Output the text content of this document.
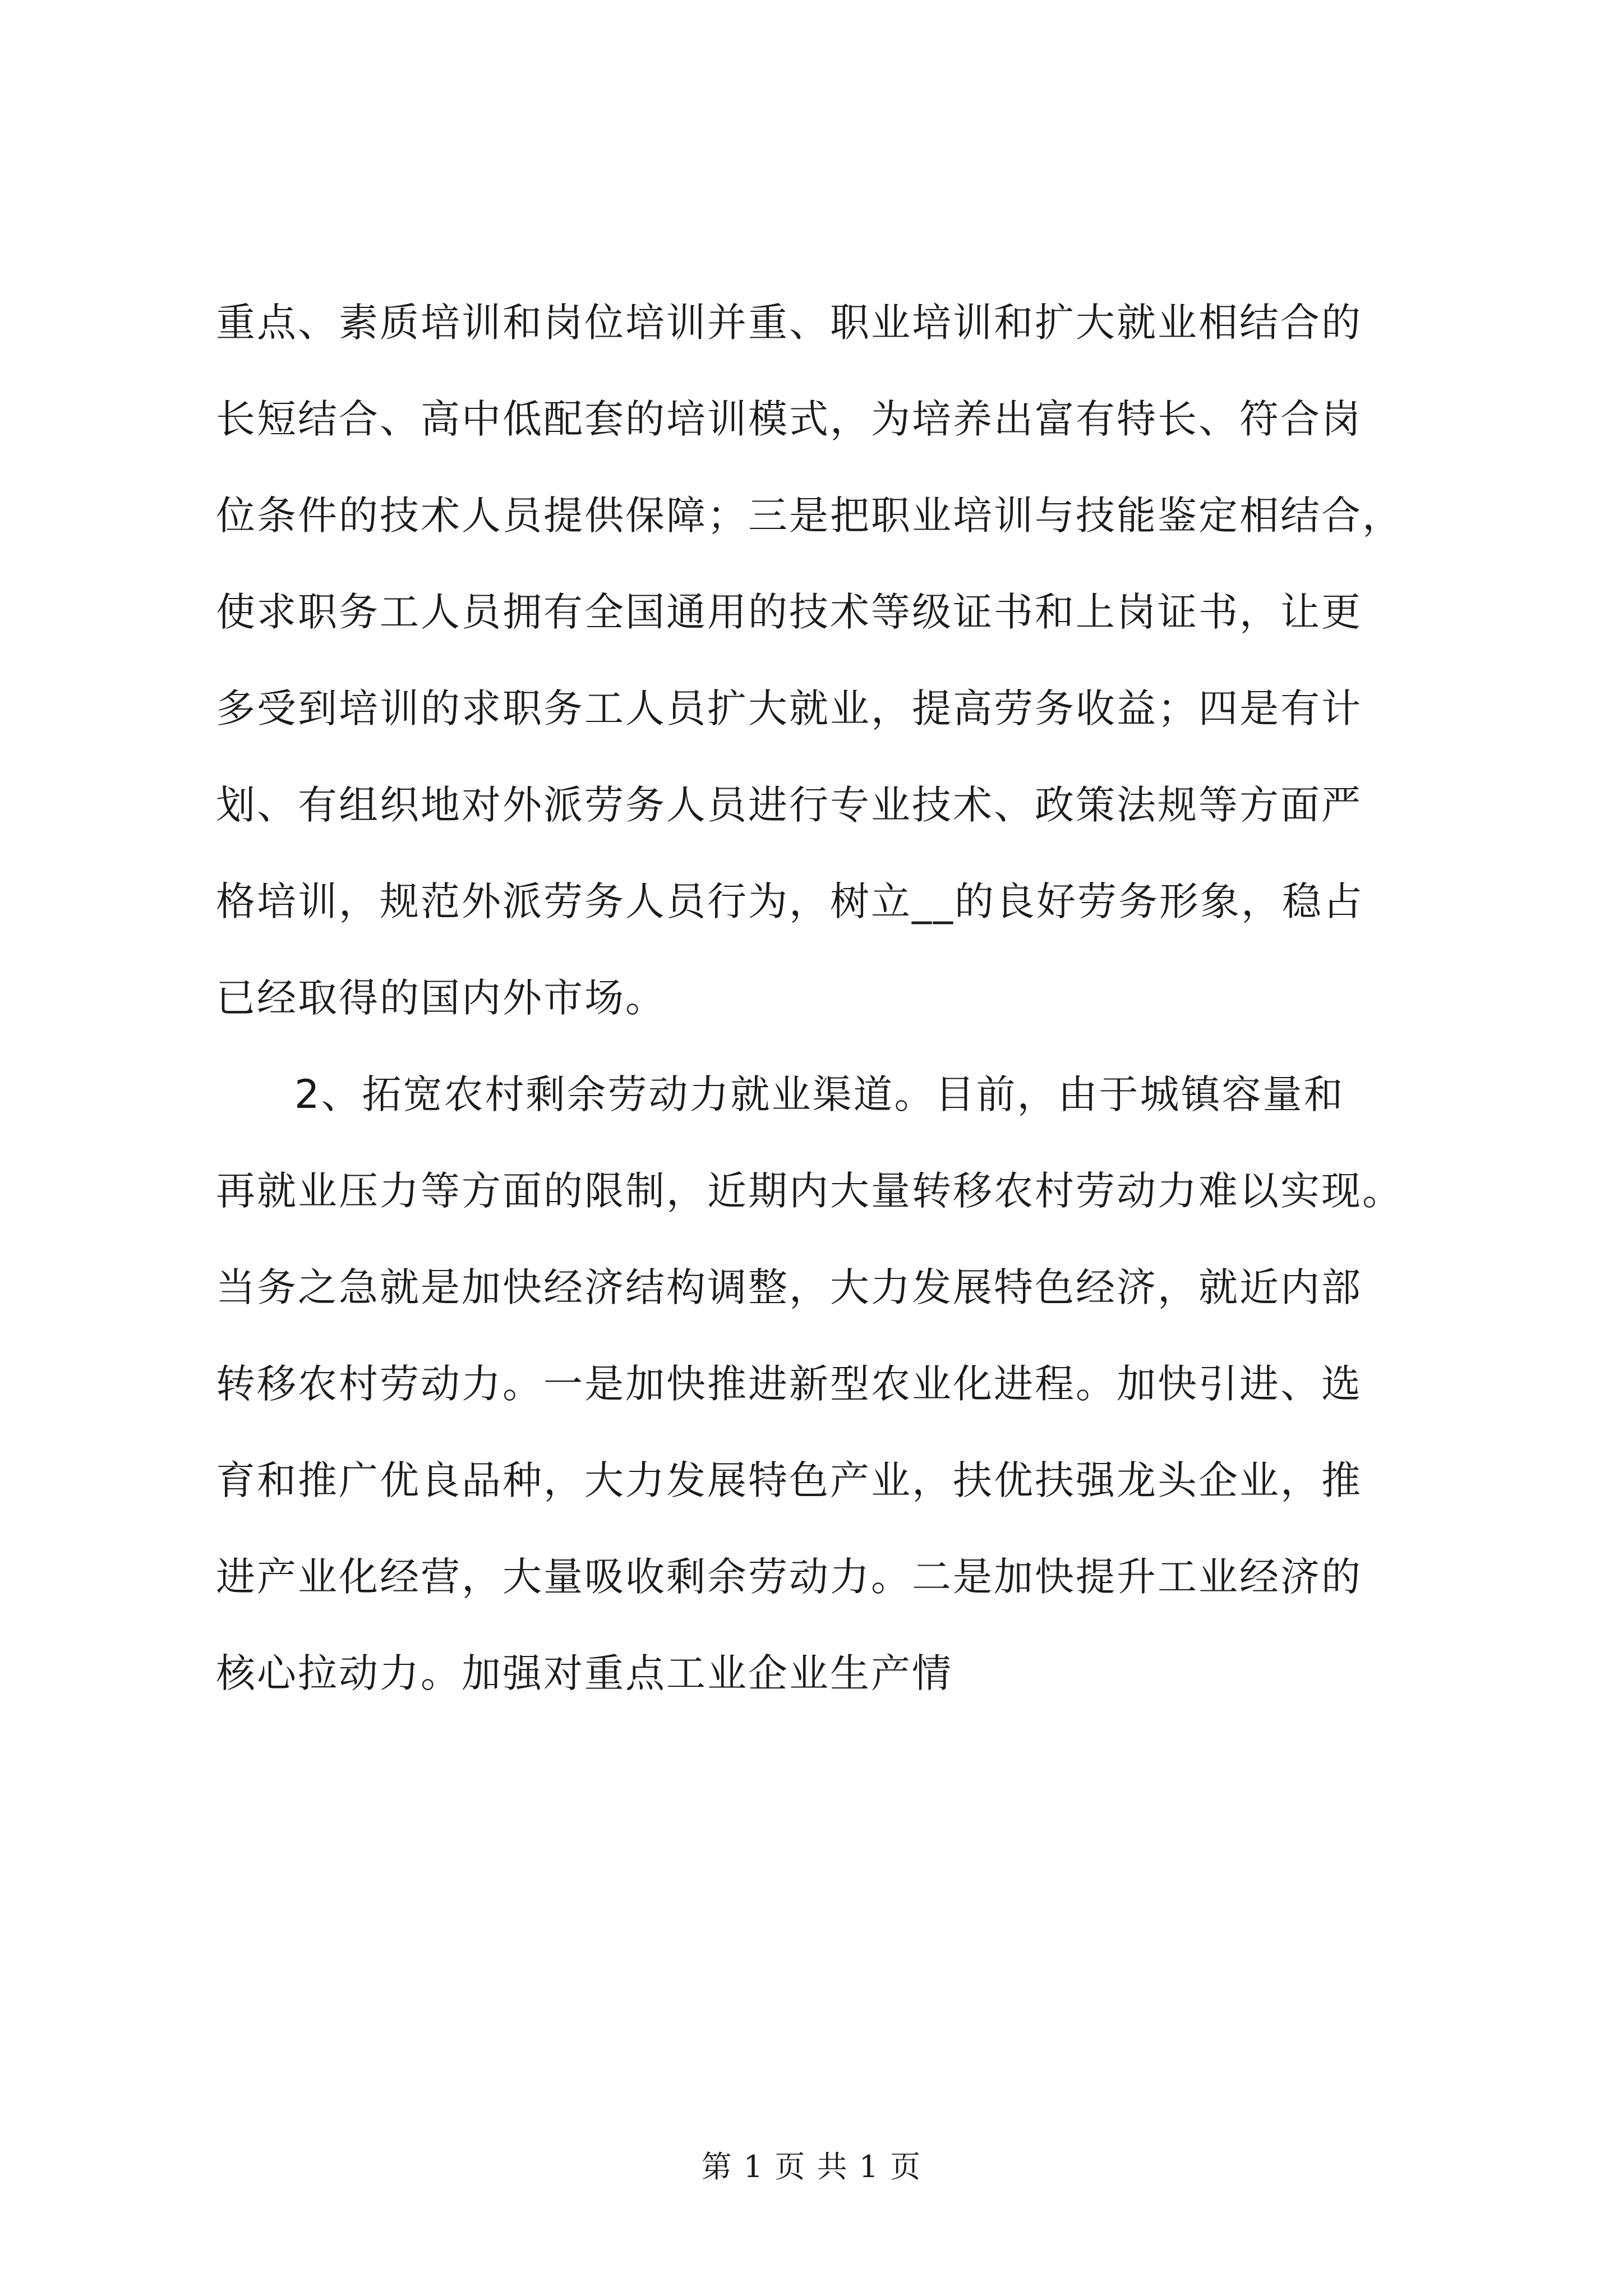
重点、素质培训和岗位培训并重、职业培训和扩大就业相结合的
长短结合、高中低配套的培训模式，为培养出富有特长、符合岗
位条件的技术人员提供保障；三是把职业培训与技能鉴定相结合，
使求职务工人员拥有全国通用的技术等级证书和上岗证书，让更
多受到培训的求职务工人员扩大就业，提高劳务收益；四是有计
划、有组织地对外派劳务人员进行专业技术、政策法规等方面严
格培训，规范外派劳务人员行为，树立__的良好劳务形象，稳占
已经取得的国内外市场。
2、拓宽农村剩余劳动力就业渠道。目前，由于城镇容量和
再就业压力等方面的限制，近期内大量转移农村劳动力难以实现。
当务之急就是加快经济结构调整，大力发展特色经济，就近内部
转移农村劳动力。一是加快推进新型农业化进程。加快引进、选
育和推广优良品种，大力发展特色产业，扶优扶强龙头企业，推
进产业化经营，大量吸收剩余劳动力。二是加快提升工业经济的
核心拉动力。加强对重点工业企业生产情
第 1 页 共 1 页
